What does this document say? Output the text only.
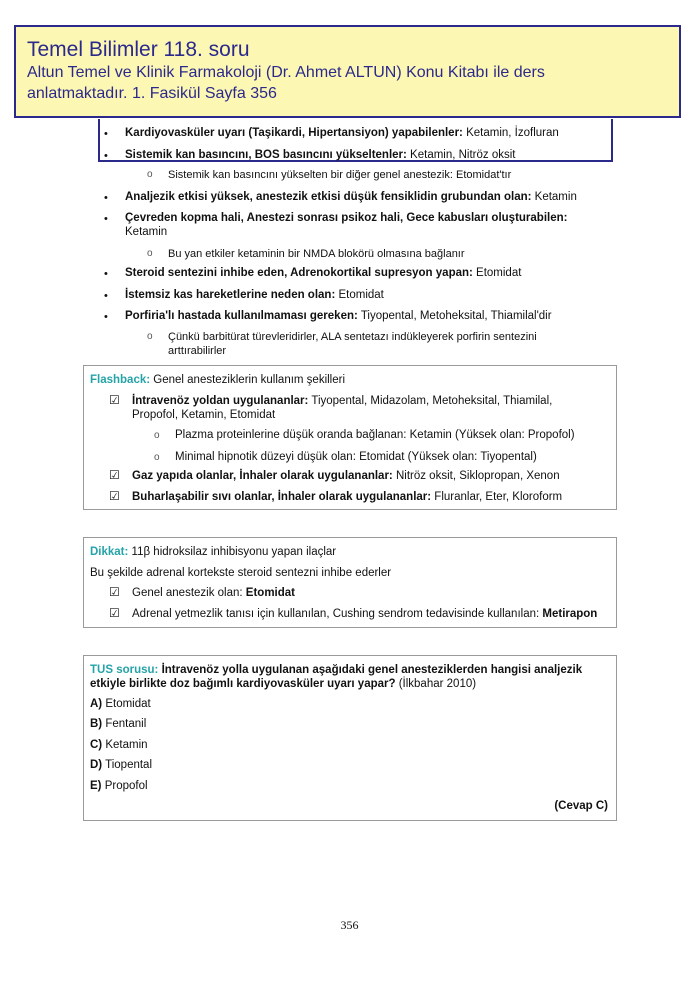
Temel Bilimler 118. soru
Altun Temel ve Klinik Farmakoloji (Dr. Ahmet ALTUN) Konu Kitabı ile ders
anlatmaktadır. 1. Fasikül Sayfa 356
• Kardiyovasküler uyarı (Taşikardi, Hipertansiyon) yapabilenler: Ketamin, İzofluran
• Sistemik kan basıncını, BOS basıncını yükseltenler: Ketamin, Nitröz oksit
o Sistemik kan basıncını yükselten bir diğer genel anestezik: Etomidat'tır
• Analjezik etkisi yüksek, anestezik etkisi düşük fensiklidin grubundan olan: Ketamin
• Çevreden kopma hali, Anestezi sonrası psikoz hali, Gece kabusları oluşturabilen:
Ketamin
o Bu yan etkiler ketaminin bir NMDA blokörü olmasına bağlanır
• Steroid sentezini inhibe eden, Adrenokortikal supresyon yapan: Etomidat
• İstemsiz kas hareketlerine neden olan: Etomidat
• Porfiria'lı hastada kullanılmaması gereken: Tiyopental, Metoheksital, Thiamilal'dir
o Çünkü barbitürat türevleridirler, ALA sentetazı indükleyerek porfirin sentezini
arttırabilirler
Flashback: Genel anesteziklerin kullanım şekilleri
☑ İntravenöz yoldan uygulananlar: Tiyopental, Midazolam, Metoheksital, Thiamilal,
Propofol, Ketamin, Etomidat
o Plazma proteinlerine düşük oranda bağlanan: Ketamin (Yüksek olan: Propofol)
o Minimal hipnotik düzeyi düşük olan: Etomidat (Yüksek olan: Tiyopental)
☑ Gaz yapıda olanlar, İnhaler olarak uygulananlar: Nitröz oksit, Siklopropan, Xenon
☑ Buharlaşabilir sıvı olanlar, İnhaler olarak uygulananlar: Fluranlar, Eter, Kloroform
Dikkat: 11β hidroksilaz inhibisyonu yapan ilaçlar
Bu şekilde adrenal kortekste steroid sentezni inhibe ederler
☑ Genel anestezik olan: Etomidat
☑ Adrenal yetmezlik tanısı için kullanılan, Cushing sendrom tedavisinde kullanılan: Metirapon
TUS sorusu: İntravenöz yolla uygulanan aşağıdaki genel anesteziklerden hangisi analjezik
etkiyle birlikte doz bağımlı kardiyovasküler uyarı yapar? (İlkbahar 2010)
A) Etomidat
B) Fentanil
C) Ketamin
D) Tiopental
E) Propofol
(Cevap C)
356
